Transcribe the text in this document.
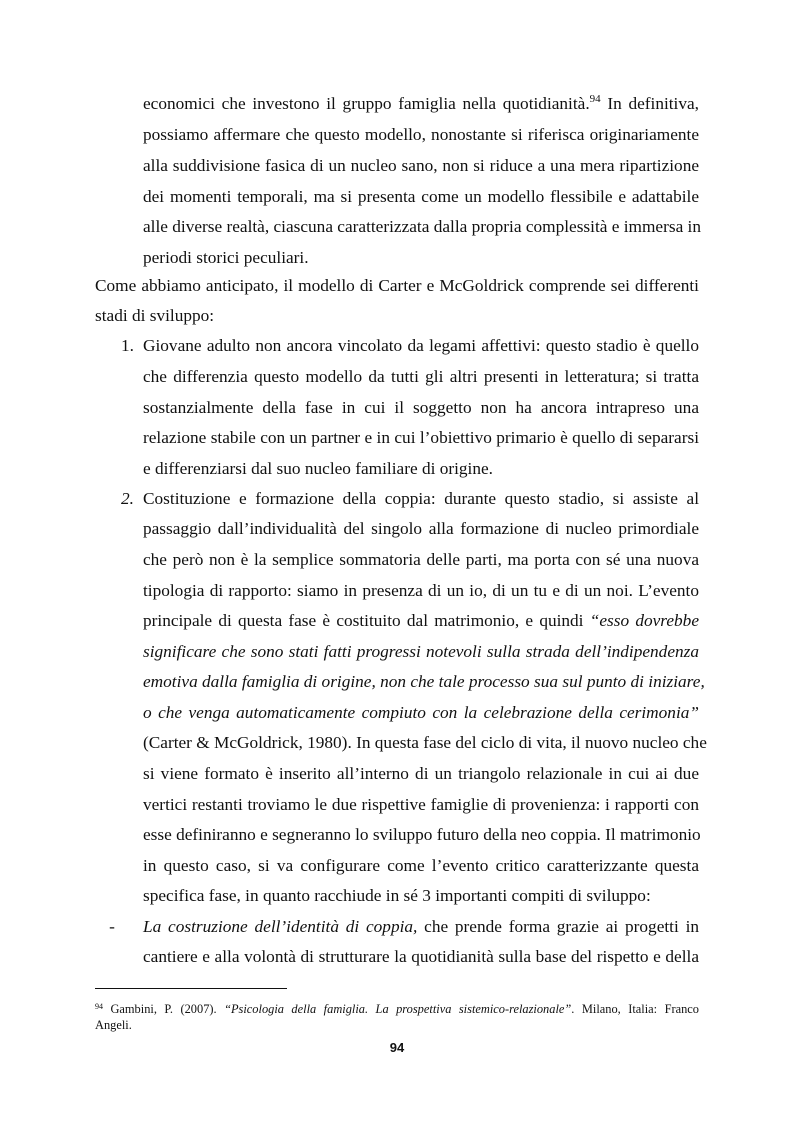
economici che investono il gruppo famiglia nella quotidianità.$^{94}$ In definitiva,
possiamo affermare che questo modello, nonostante si riferisca originariamente
alla suddivisione fasica di un nucleo sano, non si riduce a una mera ripartizione
dei momenti temporali, ma si presenta come un modello flessibile e adattabile
alle diverse realtà, ciascuna caratterizzata dalla propria complessità e immersa in
periodi storici peculiari.
Come abbiamo anticipato, il modello di Carter e McGoldrick comprende sei differenti
stadi di sviluppo:
1. Giovane adulto non ancora vincolato da legami affettivi: questo stadio è quello
che differenzia questo modello da tutti gli altri presenti in letteratura; si tratta
sostanzialmente della fase in cui il soggetto non ha ancora intrapreso una
relazione stabile con un partner e in cui l’obiettivo primario è quello di separarsi
e differenziarsi dal suo nucleo familiare di origine.
2. Costituzione e formazione della coppia: durante questo stadio, si assiste al
passaggio dall’individualità del singolo alla formazione di nucleo primordiale
che però non è la semplice sommatoria delle parti, ma porta con sé una nuova
tipologia di rapporto: siamo in presenza di un io, di un tu e di un noi. L’evento
principale di questa fase è costituito dal matrimonio, e quindi “esso dovrebbe
significare che sono stati fatti progressi notevoli sulla strada dell’indipendenza
emotiva dalla famiglia di origine, non che tale processo sua sul punto di iniziare,
o che venga automaticamente compiuto con la celebrazione della cerimonia”
(Carter & McGoldrick, 1980). In questa fase del ciclo di vita, il nuovo nucleo che
si viene formato è inserito all’interno di un triangolo relazionale in cui ai due
vertici restanti troviamo le due rispettive famiglie di provenienza: i rapporti con
esse definiranno e segneranno lo sviluppo futuro della neo coppia. Il matrimonio
in questo caso, si va configurare come l’evento critico caratterizzante questa
specifica fase, in quanto racchiude in sé 3 importanti compiti di sviluppo:
-	La costruzione dell’identità di coppia, che prende forma grazie ai progetti in
cantiere e alla volontà di strutturare la quotidianità sulla base del rispetto e della
$^{94}$ Gambini, P. (2007). “Psicologia della famiglia. La prospettiva sistemico-relazionale”. Milano, Italia: Franco
Angeli.
94
